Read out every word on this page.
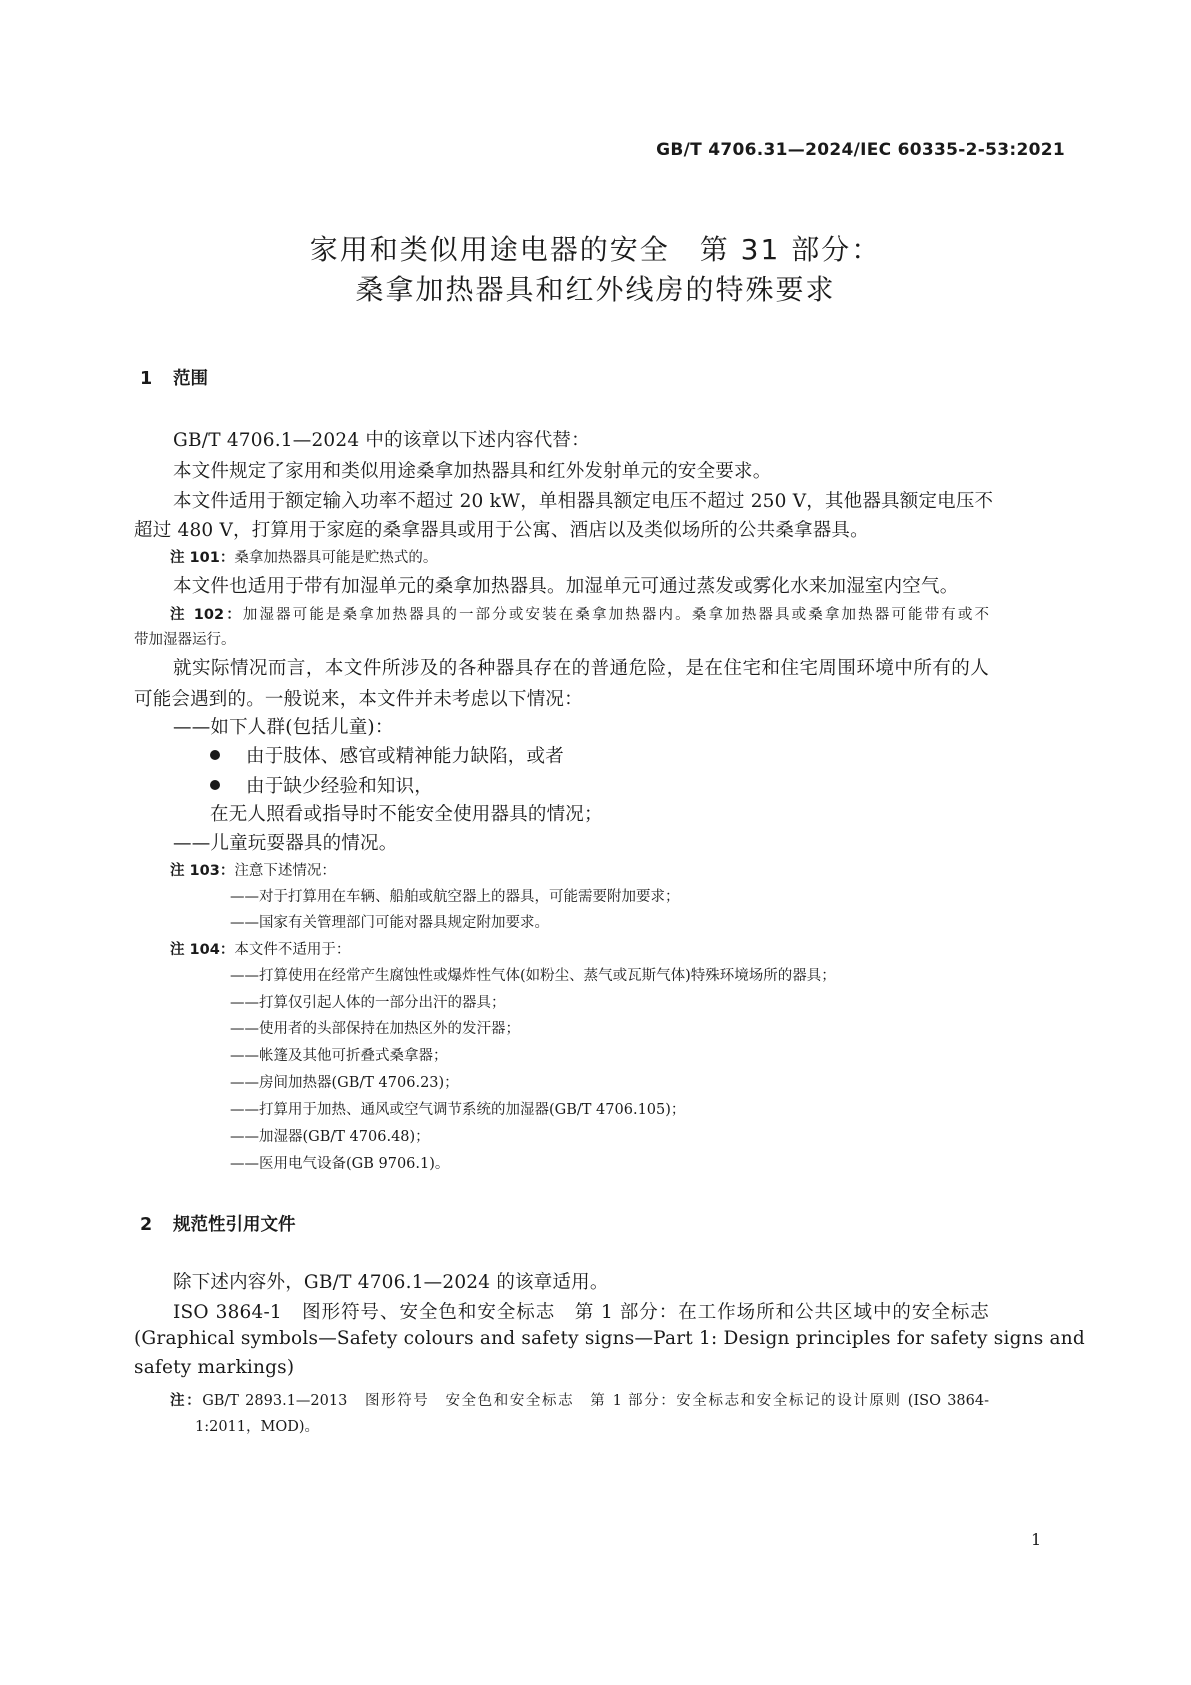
GB/T 4706.31—2024/IEC 60335-2-53:2021
家用和类似用途电器的安全　第 31 部分：
桑拿加热器具和红外线房的特殊要求
1 范围
GB/T 4706.1—2024 中的该章以下述内容代替：
本文件规定了家用和类似用途桑拿加热器具和红外发射单元的安全要求。
本文件适用于额定输入功率不超过 20 kW，单相器具额定电压不超过 250 V，其他器具额定电压不
超过 480 V，打算用于家庭的桑拿器具或用于公寓、酒店以及类似场所的公共桑拿器具。
注 101：桑拿加热器具可能是贮热式的。
本文件也适用于带有加湿单元的桑拿加热器具。加湿单元可通过蒸发或雾化水来加湿室内空气。
注 102：加湿器可能是桑拿加热器具的一部分或安装在桑拿加热器内。桑拿加热器具或桑拿加热器可能带有或不
带加湿器运行。
就实际情况而言，本文件所涉及的各种器具存在的普通危险，是在住宅和住宅周围环境中所有的人
可能会遇到的。一般说来，本文件并未考虑以下情况：
——如下人群(包括儿童)：
由于肢体、感官或精神能力缺陷，或者
由于缺少经验和知识，
在无人照看或指导时不能安全使用器具的情况；
——儿童玩耍器具的情况。
注 103：注意下述情况：
——对于打算用在车辆、船舶或航空器上的器具，可能需要附加要求；
——国家有关管理部门可能对器具规定附加要求。
注 104：本文件不适用于：
——打算使用在经常产生腐蚀性或爆炸性气体(如粉尘、蒸气或瓦斯气体)特殊环境场所的器具；
——打算仅引起人体的一部分出汗的器具；
——使用者的头部保持在加热区外的发汗器；
——帐篷及其他可折叠式桑拿器；
——房间加热器(GB/T 4706.23)；
——打算用于加热、通风或空气调节系统的加湿器(GB/T 4706.105)；
——加湿器(GB/T 4706.48)；
——医用电气设备(GB 9706.1)。
2 规范性引用文件
除下述内容外，GB/T 4706.1—2024 的该章适用。
ISO 3864-1　图形符号、安全色和安全标志　第 1 部分：在工作场所和公共区域中的安全标志
(Graphical symbols—Safety colours and safety signs—Part 1: Design principles for safety signs and
safety markings)
注：GB/T 2893.1—2013　图形符号　安全色和安全标志　第 1 部分：安全标志和安全标记的设计原则 (ISO 3864-
1:2011，MOD)。
1
